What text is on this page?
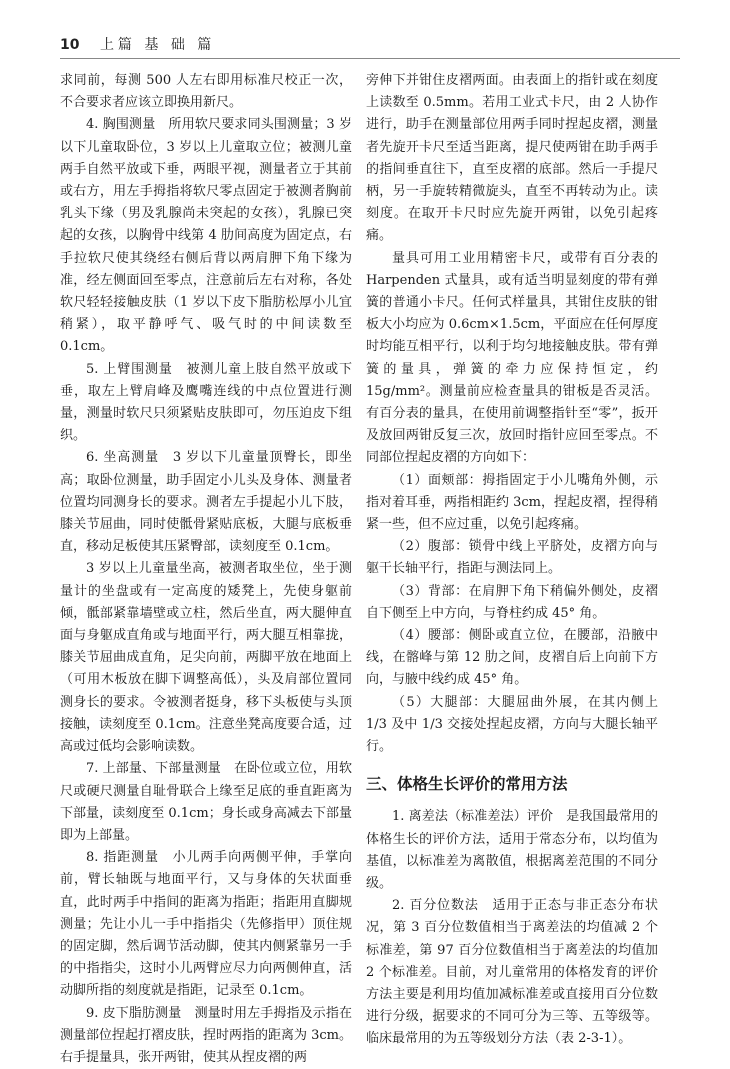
10 上篇 基 础 篇

求同前，每测 500 人左右即用标准尺校正一次，不合要求者应该立即换用新尺。

4. 胸围测量　所用软尺要求同头围测量；3 岁以下儿童取卧位，3 岁以上儿童取立位；被测儿童两手自然平放或下垂，两眼平视，测量者立于其前或右方，用左手拇指将软尺零点固定于被测者胸前乳头下缘（男及乳腺尚未突起的女孩），乳腺已突起的女孩，以胸骨中线第 4 肋间高度为固定点，右手拉软尺使其绕经右侧后背以两肩胛下角下缘为准，经左侧面回至零点，注意前后左右对称，各处软尺轻轻接触皮肤（1 岁以下皮下脂肪松厚小儿宜稍紧），取平静呼气、吸气时的中间读数至 0.1cm。

5. 上臂围测量　被测儿童上肢自然平放或下垂，取左上臂肩峰及鹰嘴连线的中点位置进行测量，测量时软尺只须紧贴皮肤即可，勿压迫皮下组织。

6. 坐高测量　3 岁以下儿童量顶臀长，即坐高；取卧位测量，助手固定小儿头及身体、测量者位置均同测身长的要求。测者左手提起小儿下肢，膝关节屈曲，同时使骶骨紧贴底板，大腿与底板垂直，移动足板使其压紧臀部，读刻度至 0.1cm。

3 岁以上儿童量坐高，被测者取坐位，坐于测量计的坐盘或有一定高度的矮凳上，先使身躯前倾，骶部紧靠墙壁或立柱，然后坐直，两大腿伸直面与身躯成直角或与地面平行，两大腿互相靠拢，膝关节屈曲成直角，足尖向前，两脚平放在地面上（可用木板放在脚下调整高低），头及肩部位置同测身长的要求。令被测者挺身，移下头板使与头顶接触，读刻度至 0.1cm。注意坐凳高度要合适，过高或过低均会影响读数。

7. 上部量、下部量测量　在卧位或立位，用软尺或硬尺测量自耻骨联合上缘至足底的垂直距离为下部量，读刻度至 0.1cm；身长或身高减去下部量即为上部量。

8. 指距测量　小儿两手向两侧平伸，手掌向前，臂长轴既与地面平行，又与身体的矢状面垂直，此时两手中指间的距离为指距；指距用直脚规测量；先让小儿一手中指指尖（先修指甲）顶住规的固定脚，然后调节活动脚，使其内侧紧靠另一手的中指指尖，这时小儿两臂应尽力向两侧伸直，活动脚所指的刻度就是指距，记录至 0.1cm。

9. 皮下脂肪测量　测量时用左手拇指及示指在测量部位捏起打褶皮肤，捏时两指的距离为 3cm。右手提量具，张开两钳，使其从捏皮褶的两

旁伸下并钳住皮褶两面。由表面上的指针或在刻度上读数至 0.5mm。若用工业式卡尺，由 2 人协作进行，助手在测量部位用两手同时捏起皮褶，测量者先旋开卡尺至适当距离，提尺使两钳在助手两手的指间垂直往下，直至皮褶的底部。然后一手提尺柄，另一手旋转精微旋头，直至不再转动为止。读刻度。在取开卡尺时应先旋开两钳，以免引起疼痛。

量具可用工业用精密卡尺，或带有百分表的 Harpenden 式量具，或有适当明显刻度的带有弹簧的普通小卡尺。任何式样量具，其钳住皮肤的钳板大小均应为 0.6cm×1.5cm，平面应在任何厚度时均能互相平行，以利于均匀地接触皮肤。带有弹簧的量具，弹簧的牵力应保持恒定，约 15g/mm²。测量前应检查量具的钳板是否灵活。有百分表的量具，在使用前调整指针至“零”，扳开及放回两钳反复三次，放回时指针应回至零点。不同部位捏起皮褶的方向如下：

（1）面颊部：拇指固定于小儿嘴角外侧，示指对着耳垂，两指相距约 3cm，捏起皮褶，捏得稍紧一些，但不应过重，以免引起疼痛。

（2）腹部：锁骨中线上平脐处，皮褶方向与躯干长轴平行，指距与测法同上。

（3）背部：在肩胛下角下稍偏外侧处，皮褶自下侧至上中方向，与脊柱约成 45° 角。

（4）腰部：侧卧或直立位，在腰部，沿腋中线，在髂峰与第 12 肋之间，皮褶自后上向前下方向，与腋中线约成 45° 角。

（5）大腿部：大腿屈曲外展，在其内侧上 1/3 及中 1/3 交接处捏起皮褶，方向与大腿长轴平行。

三、体格生长评价的常用方法

1. 离差法（标准差法）评价　是我国最常用的体格生长的评价方法，适用于常态分布，以均值为基值，以标准差为离散值，根据离差范围的不同分级。

2. 百分位数法　适用于正态与非正态分布状况，第 3 百分位数值相当于离差法的均值减 2 个标准差，第 97 百分位数值相当于离差法的均值加 2 个标准差。目前，对儿童常用的体格发育的评价方法主要是利用均值加减标准差或直接用百分位数进行分级，据要求的不同可分为三等、五等级等。临床最常用的为五等级划分方法（表 2-3-1）。
